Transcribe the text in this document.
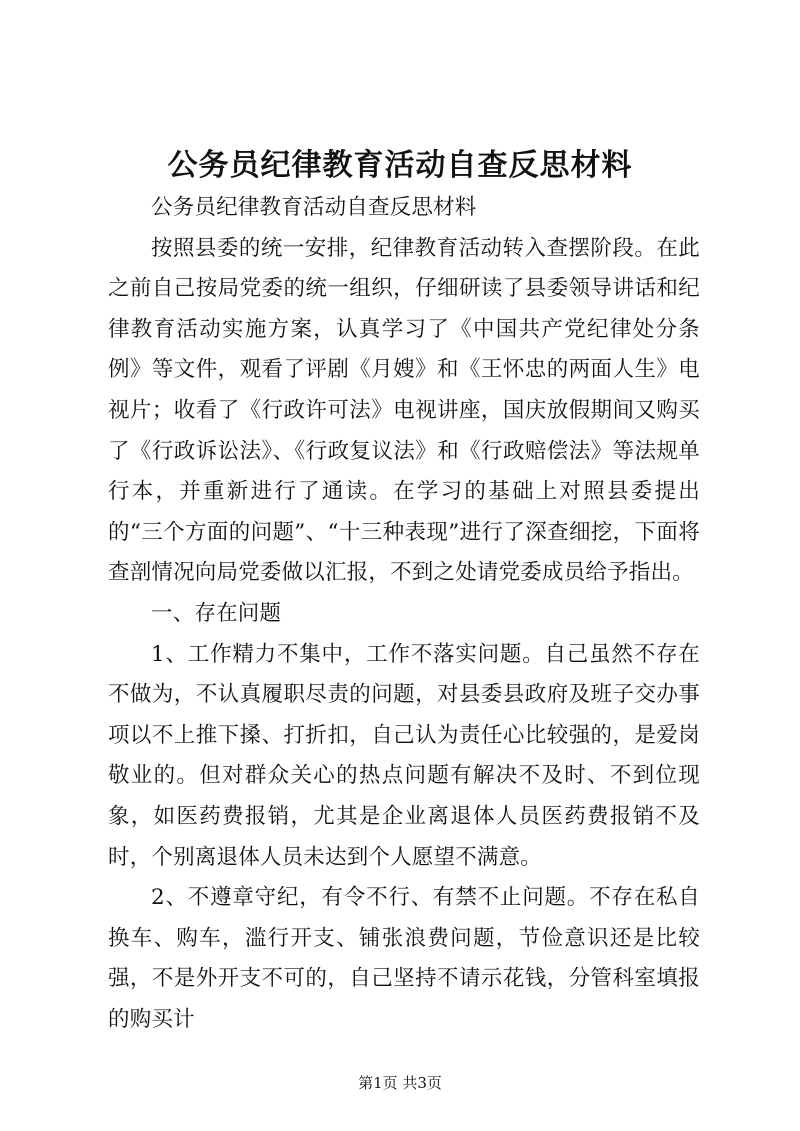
公务员纪律教育活动自查反思材料

公务员纪律教育活动自查反思材料

按照县委的统一安排，纪律教育活动转入查摆阶段。在此之前自己按局党委的统一组织，仔细研读了县委领导讲话和纪律教育活动实施方案，认真学习了《中国共产党纪律处分条例》等文件，观看了评剧《月嫂》和《王怀忠的两面人生》电视片；收看了《行政许可法》电视讲座，国庆放假期间又购买了《行政诉讼法》、《行政复议法》和《行政赔偿法》等法规单行本，并重新进行了通读。在学习的基础上对照县委提出的“三个方面的问题”、“十三种表现”进行了深查细挖，下面将查剖情况向局党委做以汇报，不到之处请党委成员给予指出。

一、存在问题

1、工作精力不集中，工作不落实问题。自己虽然不存在不做为，不认真履职尽责的问题，对县委县政府及班子交办事项以不上推下搡、打折扣，自己认为责任心比较强的，是爱岗敬业的。但对群众关心的热点问题有解决不及时、不到位现象，如医药费报销，尤其是企业离退体人员医药费报销不及时，个别离退体人员未达到个人愿望不满意。

2、不遵章守纪，有令不行、有禁不止问题。不存在私自换车、购车，滥行开支、铺张浪费问题，节俭意识还是比较强，不是外开支不可的，自己坚持不请示花钱，分管科室填报的购买计

第1页 共3页
